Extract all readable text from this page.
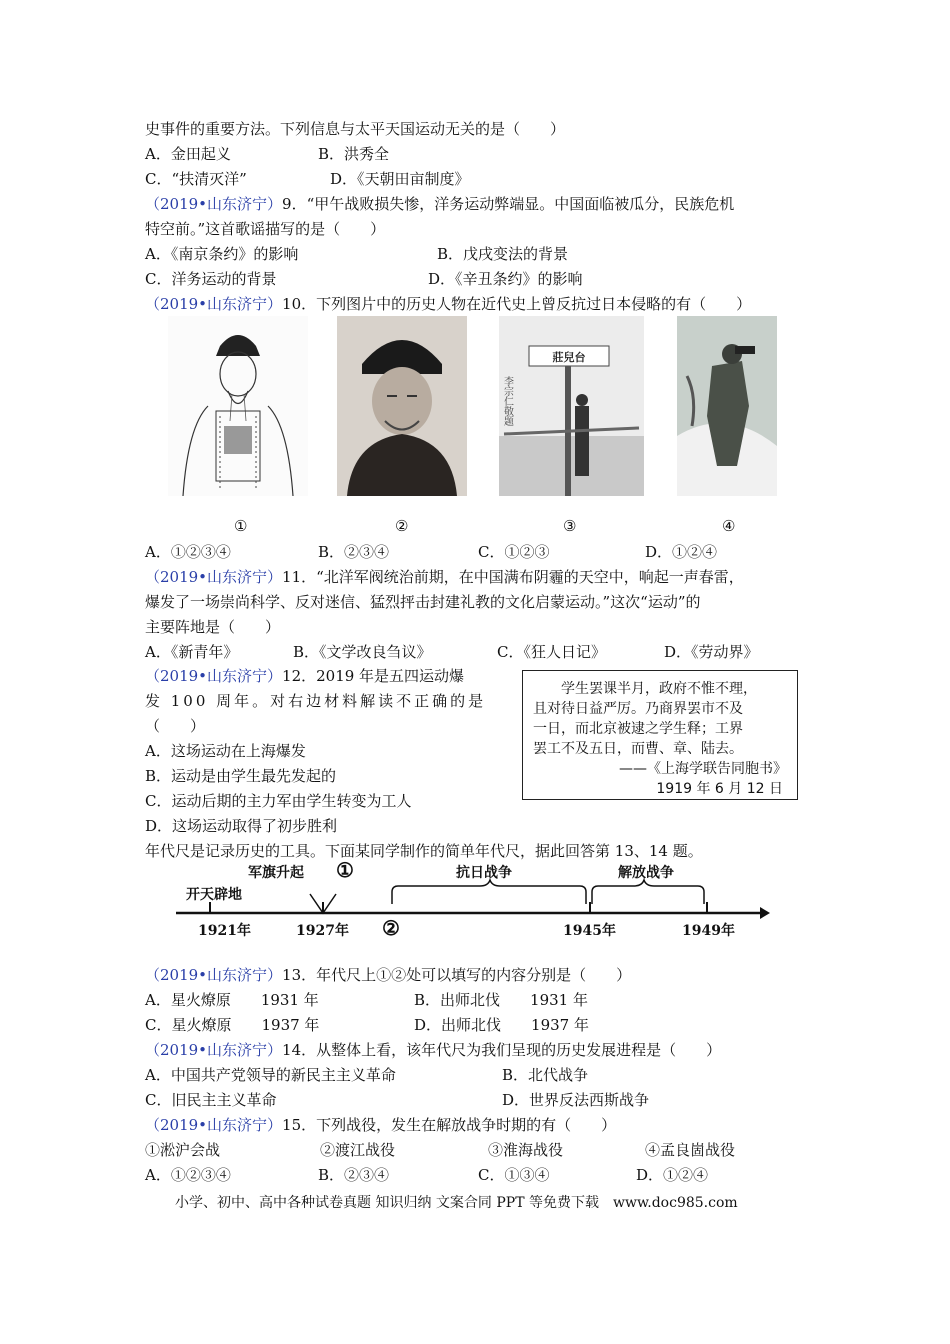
史事件的重要方法。下列信息与太平天国运动无关的是（　　）
A．金田起义	B．洪秀全
C．“扶清灭洋”	D．《天朝田亩制度》
（2019•山东济宁）9．“甲午战败损失惨，洋务运动弊端显。中国面临被瓜分，民族危机
特空前。”这首歌谣描写的是（　　）
A．《南京条约》的影响	B．戊戌变法的背景
C．洋务运动的背景	D．《辛丑条约》的影响
（2019•山东济宁）10．下列图片中的历史人物在近代史上曾反抗过日本侵略的有（　　）
李宗仁敬题
莊兒台
①	②	③	④
A．①②③④	B．②③④	C．①②③	D．①②④
（2019•山东济宁）11．“北洋军阀统治前期，在中国满布阴霾的天空中，响起一声春雷，
爆发了一场崇尚科学、反对迷信、猛烈抨击封建礼教的文化启蒙运动。”这次“运动”的
主要阵地是（　　）
A．《新青年》	B．《文学改良刍议》	C．《狂人日记》	D．《劳动界》
（2019•山东济宁）12．2019 年是五四运动爆
发 100 周年。对右边材料解读不正确的是
（　　）
A．这场运动在上海爆发
B．运动是由学生最先发起的
C．运动后期的主力军由学生转变为工人
D．这场运动取得了初步胜利

学生罢课半月，政府不惟不理，

且对待日益严厉。乃商界罢市不及

一日，而北京被逮之学生释；工界

罢工不及五日，而曹、章、陆去。

——《上海学联告同胞书》

1919 年 6 月 12 日

年代尺是记录历史的工具。下面某同学制作的简单年代尺，据此回答第 13、14 题。
开天辟地
军旗升起 ①	抗日战争	解放战争
1921年	1927年 ②	1945年	1949年
（2019•山东济宁）13．年代尺上①②处可以填写的内容分别是（　　）
A．星火燎原　　1931 年	B．出师北伐　　1931 年
C．星火燎原　　1937 年	D．出师北伐　　1937 年
（2019•山东济宁）14．从整体上看，该年代尺为我们呈现的历史发展进程是（　　）
A．中国共产党领导的新民主主义革命	B．北代战争
C．旧民主主义革命	D．世界反法西斯战争
（2019•山东济宁）15．下列战役，发生在解放战争时期的有（　　）
①淞沪会战	②渡江战役	③淮海战役	④孟良崮战役
A．①②③④	B．②③④	C．①③④	D．①②④
小学、初中、高中各种试卷真题 知识归纳 文案合同 PPT 等免费下载　www.doc985.com
